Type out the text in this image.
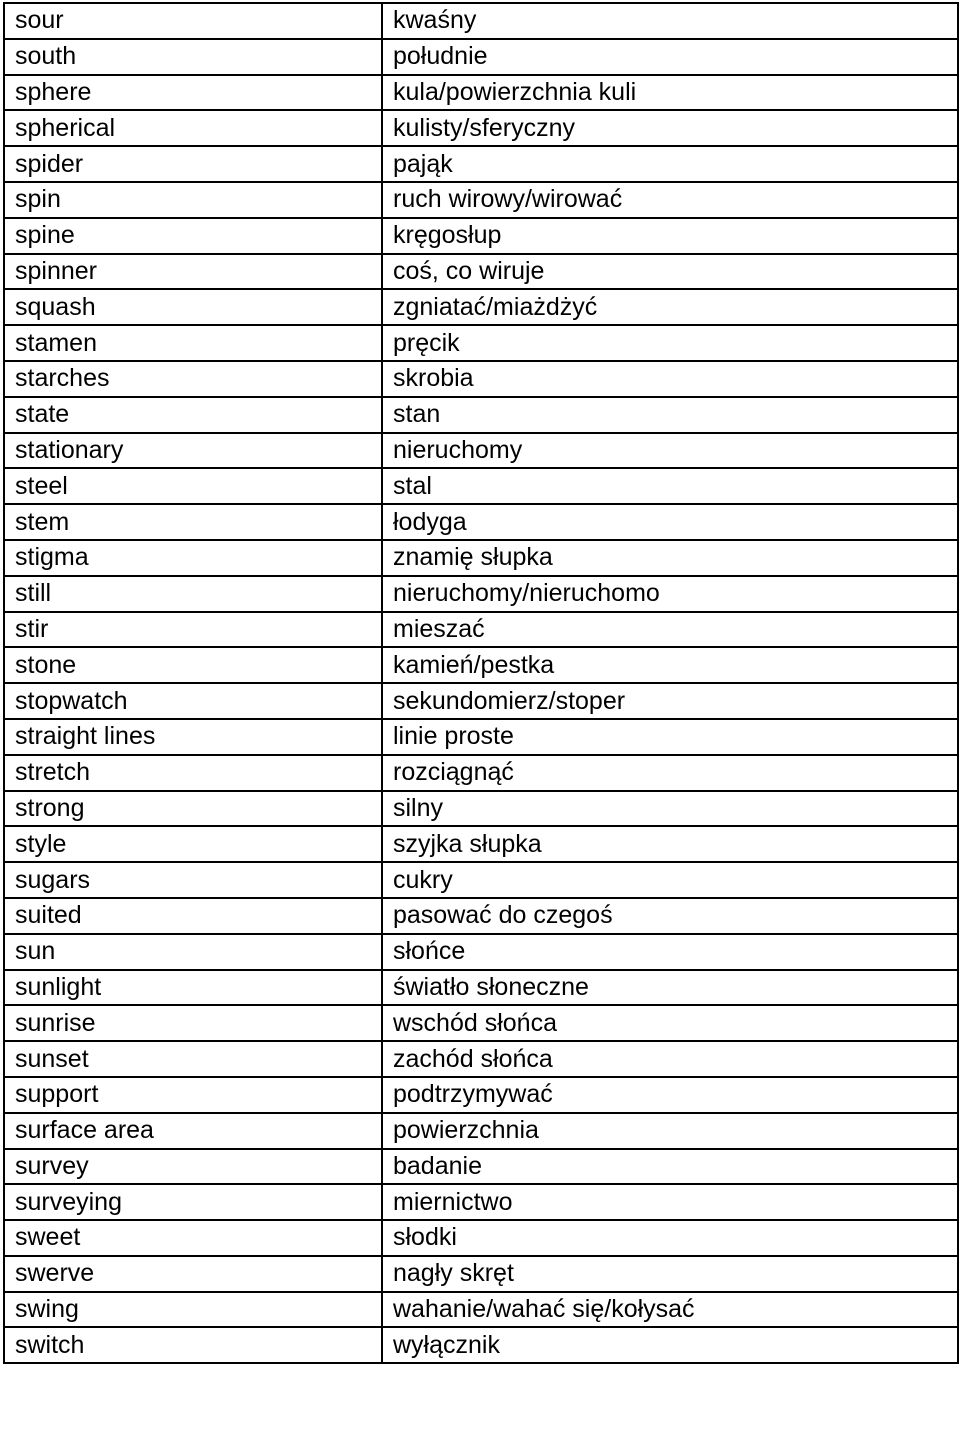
sour	kwaśny
south	południe
sphere	kula/powierzchnia kuli
spherical	kulisty/sferyczny
spider	pająk
spin	ruch wirowy/wirować
spine	kręgosłup
spinner	coś, co wiruje
squash	zgniatać/miażdżyć
stamen	pręcik
starches	skrobia
state	stan
stationary	nieruchomy
steel	stal
stem	łodyga
stigma	znamię słupka
still	nieruchomy/nieruchomo
stir	mieszać
stone	kamień/pestka
stopwatch	sekundomierz/stoper
straight lines	linie proste
stretch	rozciągnąć
strong	silny
style	szyjka słupka
sugars	cukry
suited	pasować do czegoś
sun	słońce
sunlight	światło słoneczne
sunrise	wschód słońca
sunset	zachód słońca
support	podtrzymywać
surface area	powierzchnia
survey	badanie
surveying	miernictwo
sweet	słodki
swerve	nagły skręt
swing	wahanie/wahać się/kołysać
switch	wyłącznik
